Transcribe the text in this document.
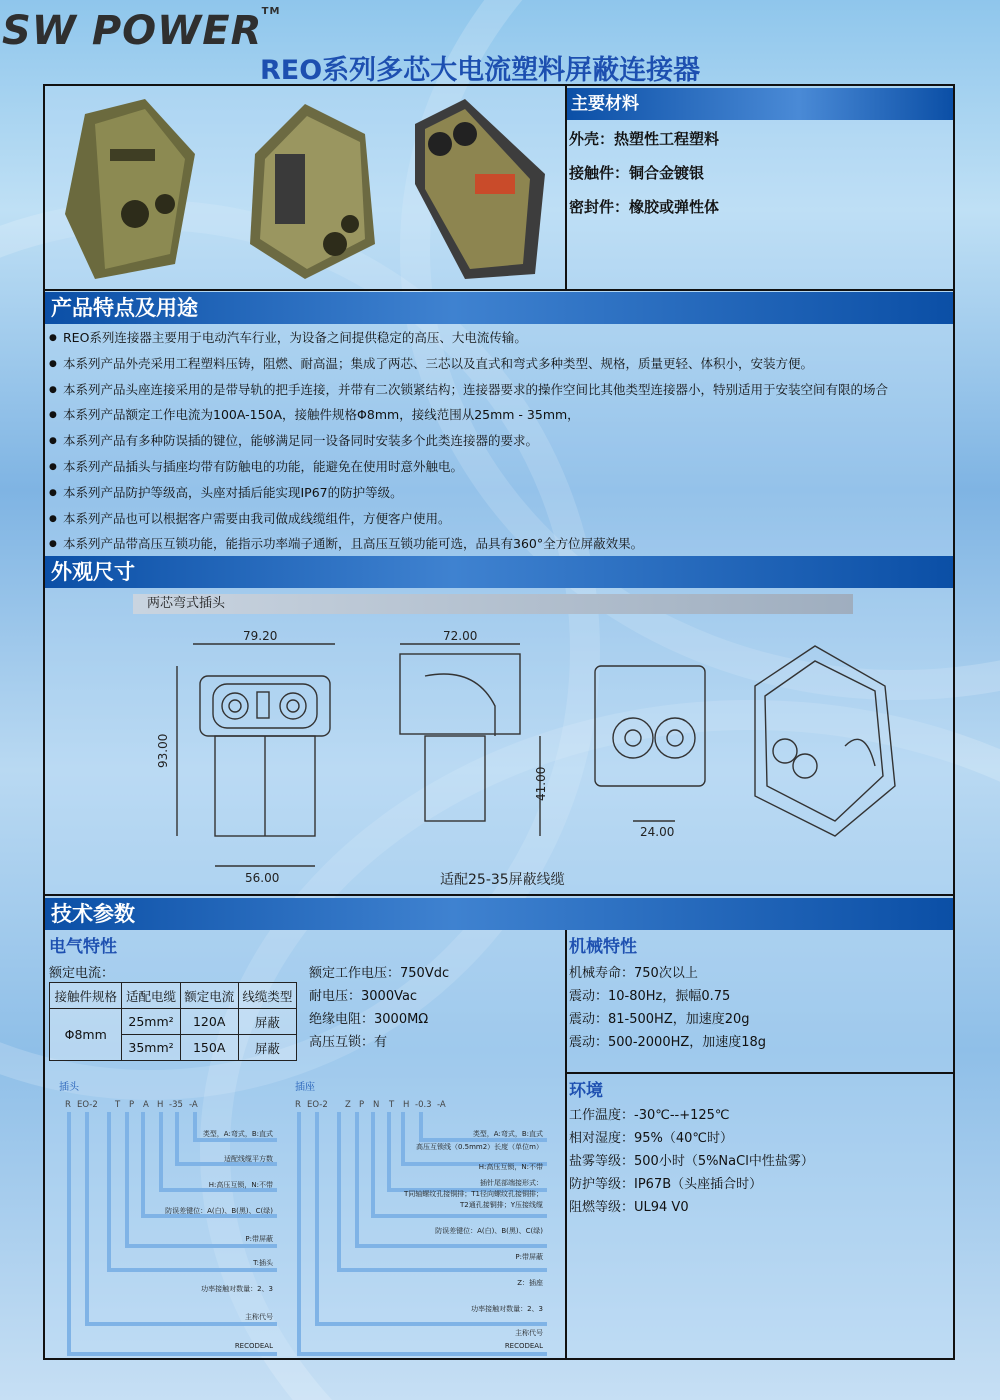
SW POWER TM
REO系列多芯大电流塑料屏蔽连接器
主要材料
外壳：热塑性工程塑料
接触件：铜合金镀银
密封件：橡胶或弹性体
产品特点及用途
● REO系列连接器主要用于电动汽车行业，为设备之间提供稳定的高压、大电流传输。
● 本系列产品外壳采用工程塑料压铸，阻燃、耐高温；集成了两芯、三芯以及直式和弯式多种类型、规格，质量更轻、体积小，安装方便。
● 本系列产品头座连接采用的是带导轨的把手连接，并带有二次锁紧结构；连接器要求的操作空间比其他类型连接器小，特别适用于安装空间有限的场合
● 本系列产品额定工作电流为100A-150A，接触件规格Φ8mm，接线范围从25mm - 35mm，
● 本系列产品有多种防误插的键位，能够满足同一设备同时安装多个此类连接器的要求。
● 本系列产品插头与插座均带有防触电的功能，能避免在使用时意外触电。
● 本系列产品防护等级高，头座对插后能实现IP67的防护等级。
● 本系列产品也可以根据客户需要由我司做成线缆组件，方便客户使用。
● 本系列产品带高压互锁功能，能指示功率端子通断，且高压互锁功能可选，品具有360°全方位屏蔽效果。
外观尺寸
两芯弯式插头
79.20	72.00
93.00
41.00
56.00
24.00
适配25-35屏蔽线缆
技术参数
电气特性
额定电流：
接触件规格	适配电缆	额定电流	线缆类型
Φ8mm	25mm²	120A	屏蔽
	35mm²	150A	屏蔽
额定工作电压：750Vdc
耐电压：3000Vac
绝缘电阻：3000MΩ
高压互锁：有
机械特性
机械寿命：750次以上
震动：10-80Hz，振幅0.75
震动：81-500HZ，加速度20g
震动：500-2000HZ，加速度18g
环境
工作温度：-30℃--+125℃
相对湿度：95%（40℃时）
盐雾等级：500小时（5%NaCl中性盐雾）
防护等级：IP67B（头座插合时）
阻燃等级：UL94 V0
插头
R EO-2 T P A H -35 -A
类型，A:弯式，B:直式
适配线缆平方数
H:高压互锁，N:不带
防误差键位：A(白)、B(黑)、C(绿)
P:带屏蔽
T:插头
功率接触对数量：2、3
主称代号
RECODEAL
插座
R EO-2 Z P N T H -0.3 -A
类型，A:弯式，B:直式
高压互锁线（0.5mm2）长度（单位m）
H:高压互锁，N:不带
插针尾部端接形式：
T同轴螺纹孔接铜排；T1径向螺纹孔接铜排；
T2通孔接铜排；Y压接线缆
防误差键位：A(白)、B(黑)、C(绿)
P:带屏蔽
Z：插座
功率接触对数量：2、3
主称代号
RECODEAL
